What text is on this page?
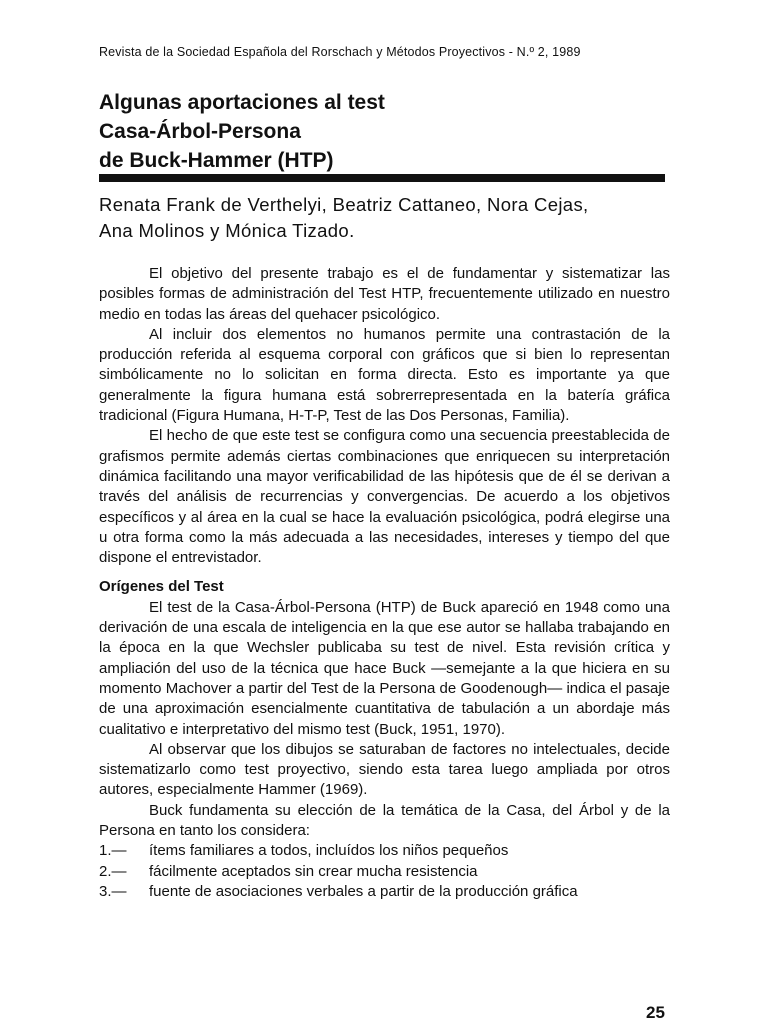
Revista de la Sociedad Española del Rorschach y Métodos Proyectivos - N.º 2, 1989
Algunas aportaciones al test
Casa-Árbol-Persona
de Buck-Hammer (HTP)
Renata Frank de Verthelyi, Beatriz Cattaneo, Nora Cejas,
Ana Molinos y Mónica Tizado.

El objetivo del presente trabajo es el de fundamentar y sistematizar las posibles formas de administración del Test HTP, frecuentemente utilizado en nuestro medio en todas las áreas del quehacer psicológico.

Al incluir dos elementos no humanos permite una contrastación de la producción referida al esquema corporal con gráficos que si bien lo representan simbólicamente no lo solicitan en forma directa. Esto es importante ya que generalmente la figura humana está sobrerrepresentada en la batería gráfica tradicional (Figura Humana, H-T-P, Test de las Dos Personas, Familia).

El hecho de que este test se configura como una secuencia preestablecida de grafismos permite además ciertas combinaciones que enriquecen su interpretación dinámica facilitando una mayor verificabilidad de las hipótesis que de él se derivan a través del análisis de recurrencias y convergencias. De acuerdo a los objetivos específicos y al área en la cual se hace la evaluación psicológica, podrá elegirse una u otra forma como la más adecuada a las necesidades, intereses y tiempo del que dispone el entrevistador.

Orígenes del Test

El test de la Casa-Árbol-Persona (HTP) de Buck apareció en 1948 como una derivación de una escala de inteligencia en la que ese autor se hallaba trabajando en la época en la que Wechsler publicaba su test de nivel. Esta revisión crítica y ampliación del uso de la técnica que hace Buck —semejante a la que hiciera en su momento Machover a partir del Test de la Persona de Goodenough— indica el pasaje de una aproximación esencialmente cuantitativa de tabulación a un abordaje más cualitativo e interpretativo del mismo test (Buck, 1951, 1970).

Al observar que los dibujos se saturaban de factores no intelectuales, decide sistematizarlo como test proyectivo, siendo esta tarea luego ampliada por otros autores, especialmente Hammer (1969).

Buck fundamenta su elección de la temática de la Casa, del Árbol y de la Persona en tanto los considera:

1.—	ítems familiares a todos, incluídos los niños pequeños
2.—	fácilmente aceptados sin crear mucha resistencia
3.—	fuente de asociaciones verbales a partir de la producción gráfica
25
